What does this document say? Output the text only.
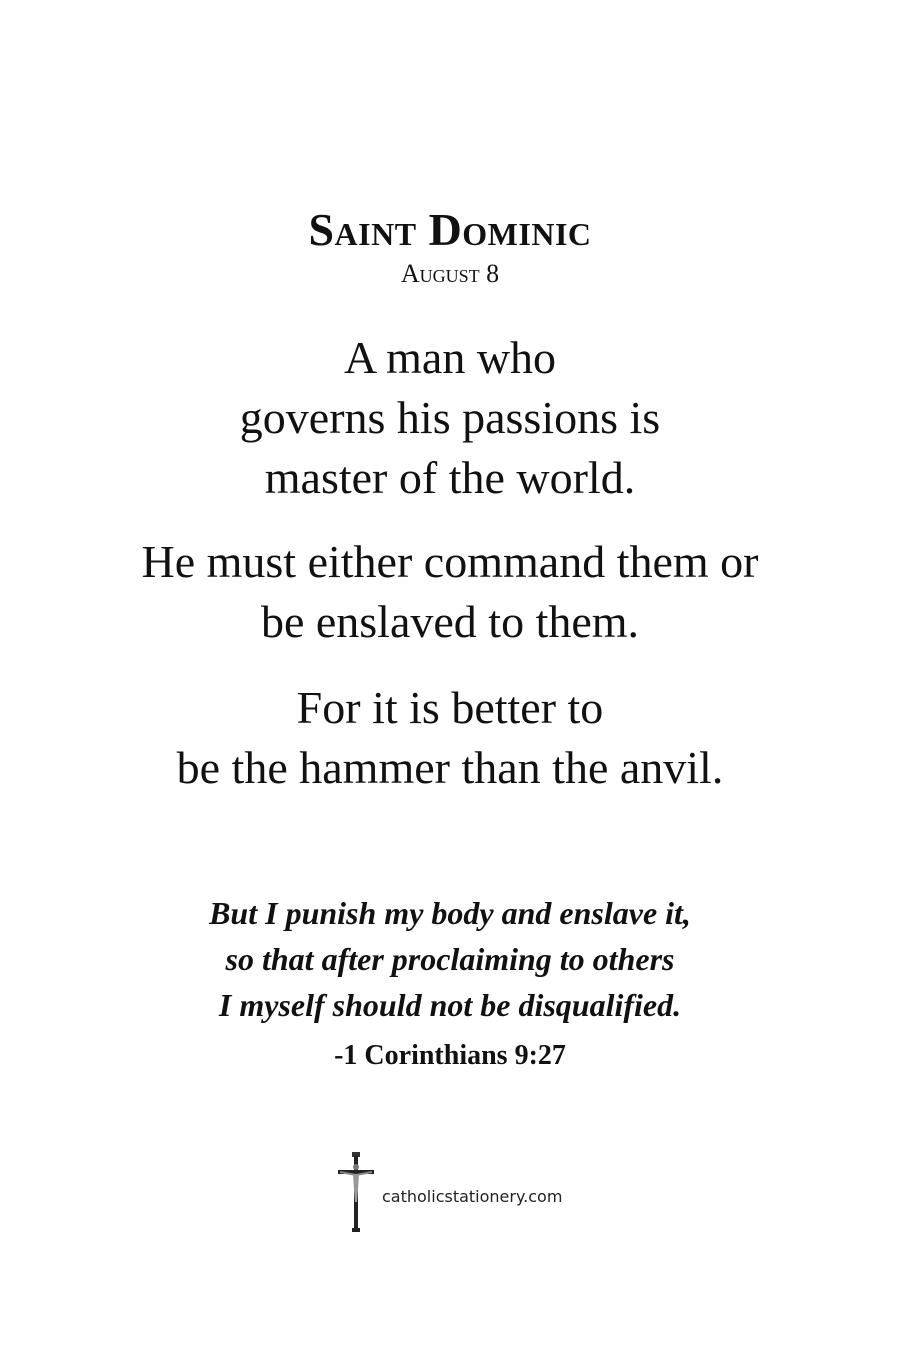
Saint Dominic
August 8

A man who

governs his passions is

master of the world.

He must either command them or

be enslaved to them.

For it is better to

be the hammer than the anvil.

But I punish my body and enslave it,

so that after proclaiming to others

I myself should not be disqualified.

-1 Corinthians 9:27
catholicstationery.com
